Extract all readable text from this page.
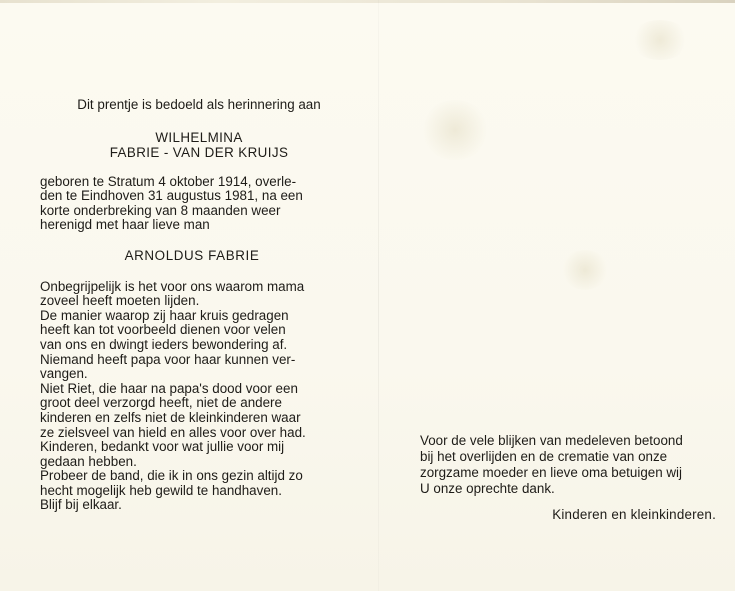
Dit prentje is bedoeld als herinnering aan

WILHELMINA

FABRIE - VAN DER KRUIJS

geboren te Stratum 4 oktober 1914, overle-

den te Eindhoven 31 augustus 1981, na een

korte onderbreking van 8 maanden weer

herenigd met haar lieve man

ARNOLDUS FABRIE

Onbegrijpelijk is het voor ons waarom mama

zoveel heeft moeten lijden.

De manier waarop zij haar kruis gedragen

heeft kan tot voorbeeld dienen voor velen

van ons en dwingt ieders bewondering af.

Niemand heeft papa voor haar kunnen ver-

vangen.

Niet Riet, die haar na papa's dood voor een

groot deel verzorgd heeft, niet de andere

kinderen en zelfs niet de kleinkinderen waar

ze zielsveel van hield en alles voor over had.

Kinderen, bedankt voor wat jullie voor mij

gedaan hebben.

Probeer de band, die ik in ons gezin altijd zo

hecht mogelijk heb gewild te handhaven.

Blijf bij elkaar.

Voor de vele blijken van medeleven betoond

bij het overlijden en de crematie van onze

zorgzame moeder en lieve oma betuigen wij

U onze oprechte dank.

Kinderen en kleinkinderen.
